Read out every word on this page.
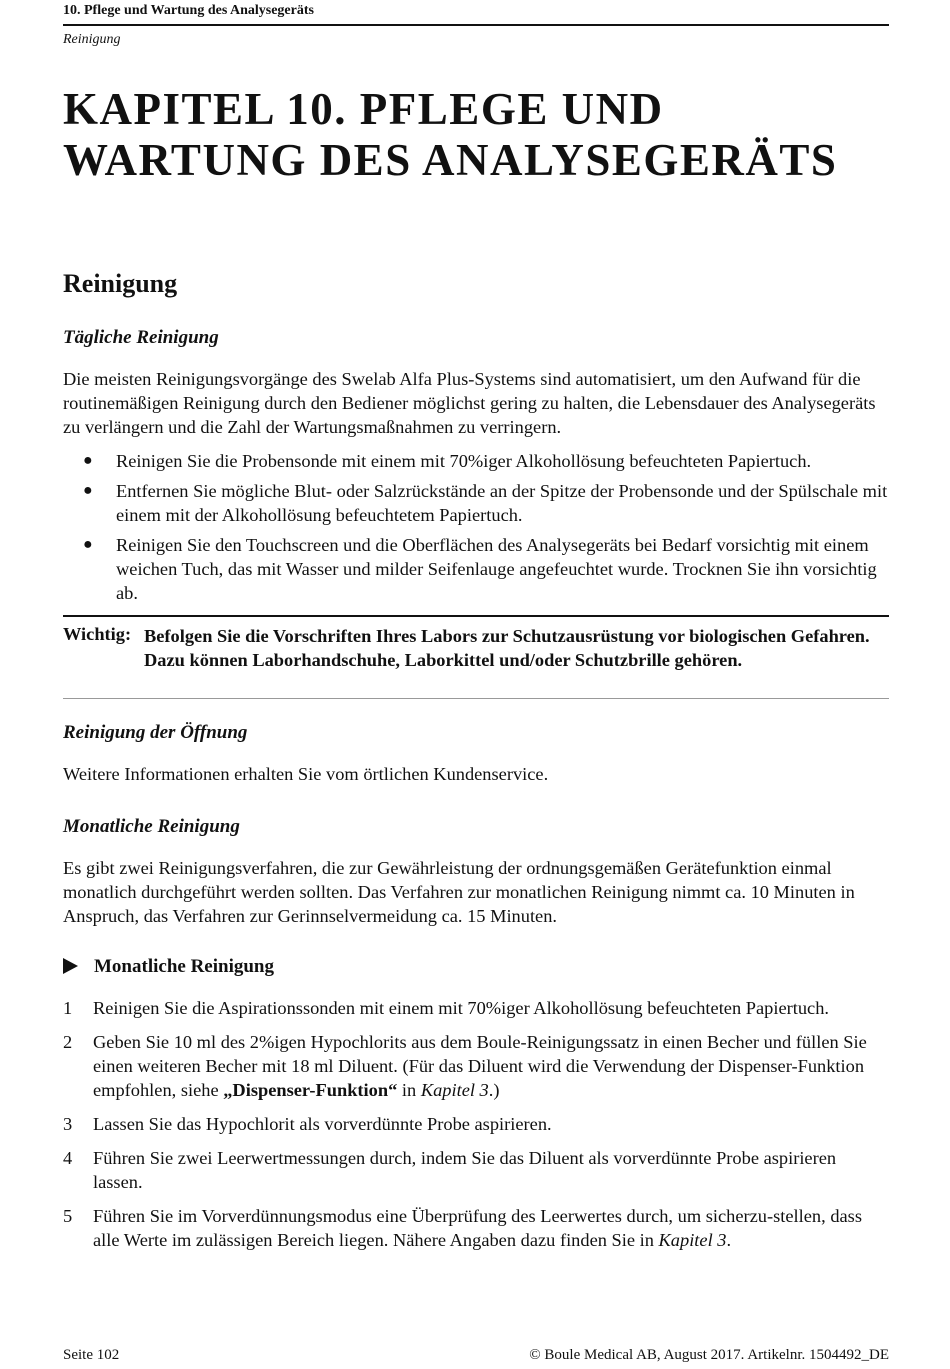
10. Pflege und Wartung des Analysegeräts
Reinigung
KAPITEL 10. PFLEGE UND
WARTUNG DES ANALYSEGERÄTS
Reinigung
Tägliche Reinigung

Die meisten Reinigungsvorgänge des Swelab Alfa Plus-Systems sind automatisiert, um den Aufwand für die routinemäßigen Reinigung durch den Bediener möglichst gering zu halten, die Lebensdauer des Analysegeräts zu verlängern und die Zahl der Wartungsmaßnahmen zu verringern.

● Reinigen Sie die Probensonde mit einem mit 70%iger Alkohollösung befeuchteten Papiertuch.
● Entfernen Sie mögliche Blut- oder Salzrückstände an der Spitze der Probensonde und der Spülschale mit einem mit der Alkohollösung befeuchtetem Papiertuch.
● Reinigen Sie den Touchscreen und die Oberflächen des Analysegeräts bei Bedarf vorsichtig mit einem weichen Tuch, das mit Wasser und milder Seifenlauge angefeuchtet wurde. Trocknen Sie ihn vorsichtig ab.
Wichtig: Befolgen Sie die Vorschriften Ihres Labors zur Schutzausrüstung vor biologischen Gefahren. Dazu können Laborhandschuhe, Laborkittel und/oder Schutzbrille gehören.
Reinigung der Öffnung

Weitere Informationen erhalten Sie vom örtlichen Kundenservice.

Monatliche Reinigung

Es gibt zwei Reinigungsverfahren, die zur Gewährleistung der ordnungsgemäßen Gerätefunktion einmal monatlich durchgeführt werden sollten. Das Verfahren zur monatlichen Reinigung nimmt ca. 10 Minuten in Anspruch, das Verfahren zur Gerinnselvermeidung ca. 15 Minuten.

Monatliche Reinigung
1 Reinigen Sie die Aspirationssonden mit einem mit 70%iger Alkohollösung befeuchteten Papiertuch.
2 Geben Sie 10 ml des 2%igen Hypochlorits aus dem Boule-Reinigungssatz in einen Becher und füllen Sie einen weiteren Becher mit 18 ml Diluent. (Für das Diluent wird die Verwendung der Dispenser-Funktion empfohlen, siehe „Dispenser-Funktion“ in Kapitel 3.)
3 Lassen Sie das Hypochlorit als vorverdünnte Probe aspirieren.
4 Führen Sie zwei Leerwertmessungen durch, indem Sie das Diluent als vorverdünnte Probe aspirieren lassen.
5 Führen Sie im Vorverdünnungsmodus eine Überprüfung des Leerwertes durch, um sicherzu-stellen, dass alle Werte im zulässigen Bereich liegen. Nähere Angaben dazu finden Sie in Kapitel 3.
Seite 102	© Boule Medical AB, August 2017. Artikelnr. 1504492_DE
